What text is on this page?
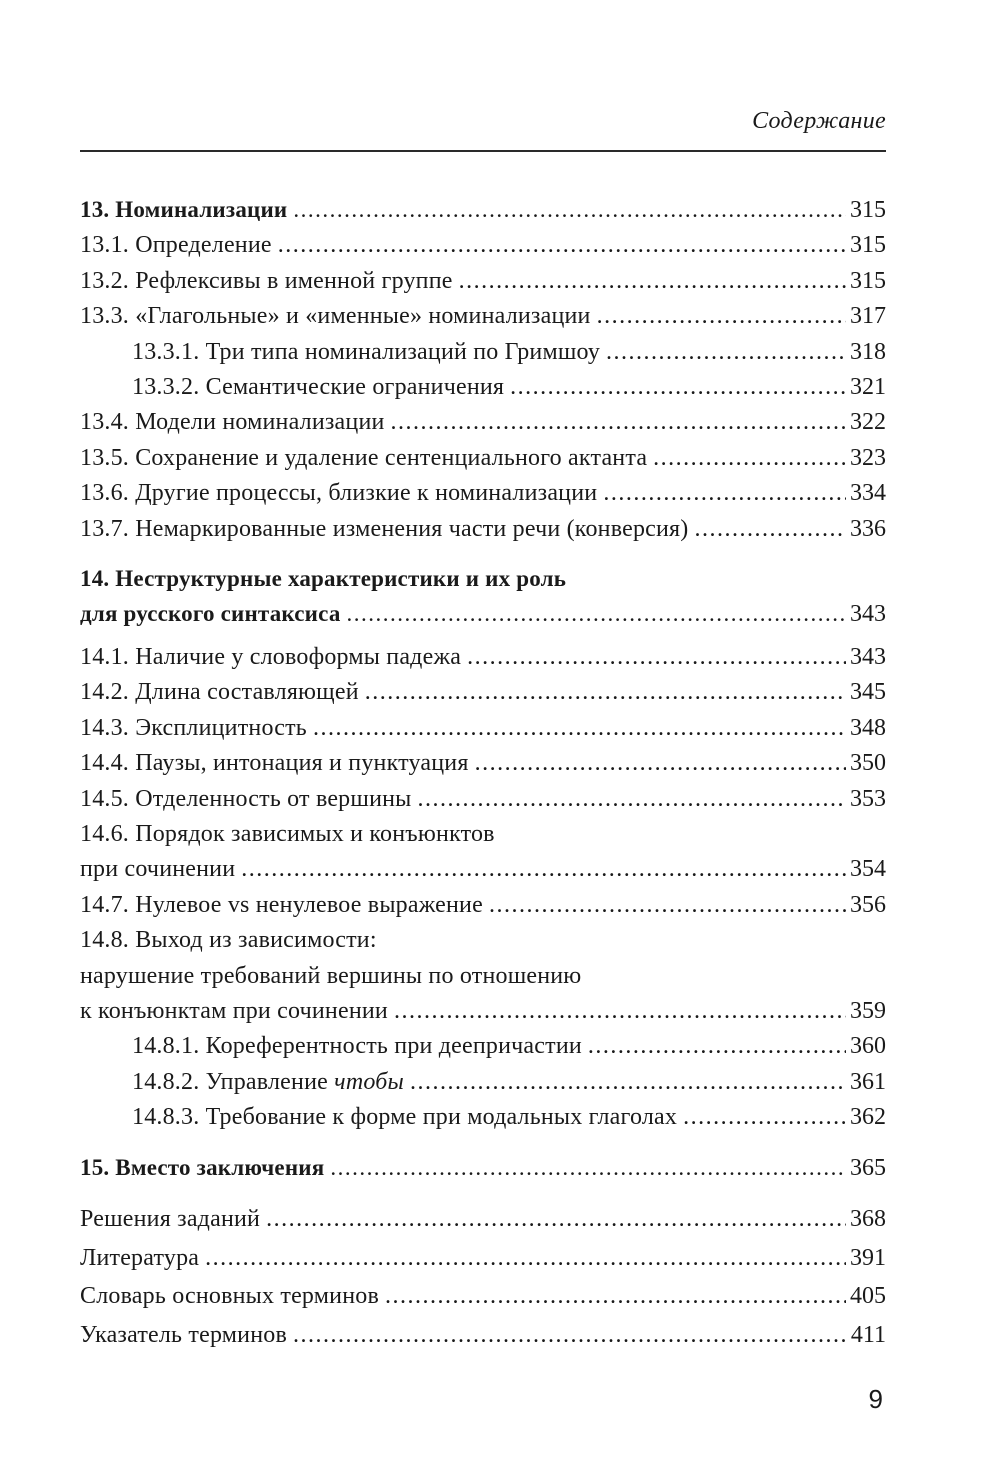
Содержание
13. Номинализации .....	315
13.1. Определение .....	315
13.2. Рефлексивы в именной группе .....	315
13.3. «Глагольные» и «именные» номинализации .....	317
13.3.1. Три типа номинализаций по Гримшоу .....	318
13.3.2. Семантические ограничения .....	321
13.4. Модели номинализации .....	322
13.5. Сохранение и удаление сентенциального актанта .....	323
13.6. Другие процессы, близкие к номинализации .....	334
13.7. Немаркированные изменения части речи (конверсия) .....	336
14. Неструктурные характеристики и их роль
для русского синтаксиса .....	343
14.1. Наличие у словоформы падежа .....	343
14.2. Длина составляющей .....	345
14.3. Эксплицитность .....	348
14.4. Паузы, интонация и пунктуация .....	350
14.5. Отделенность от вершины .....	353
14.6. Порядок зависимых и конъюнктов
при сочинении .....	354
14.7. Нулевое vs ненулевое выражение .....	356
14.8. Выход из зависимости:
нарушение требований вершины по отношению
к конъюнктам при сочинении .....	359
14.8.1. Кореферентность при деепричастии .....	360
14.8.2. Управление чтобы .....	361
14.8.3. Требование к форме при модальных глаголах .....	362
15. Вместо заключения .....	365
Решения заданий .....	368
Литература .....	391
Словарь основных терминов .....	405
Указатель терминов .....	411
9
